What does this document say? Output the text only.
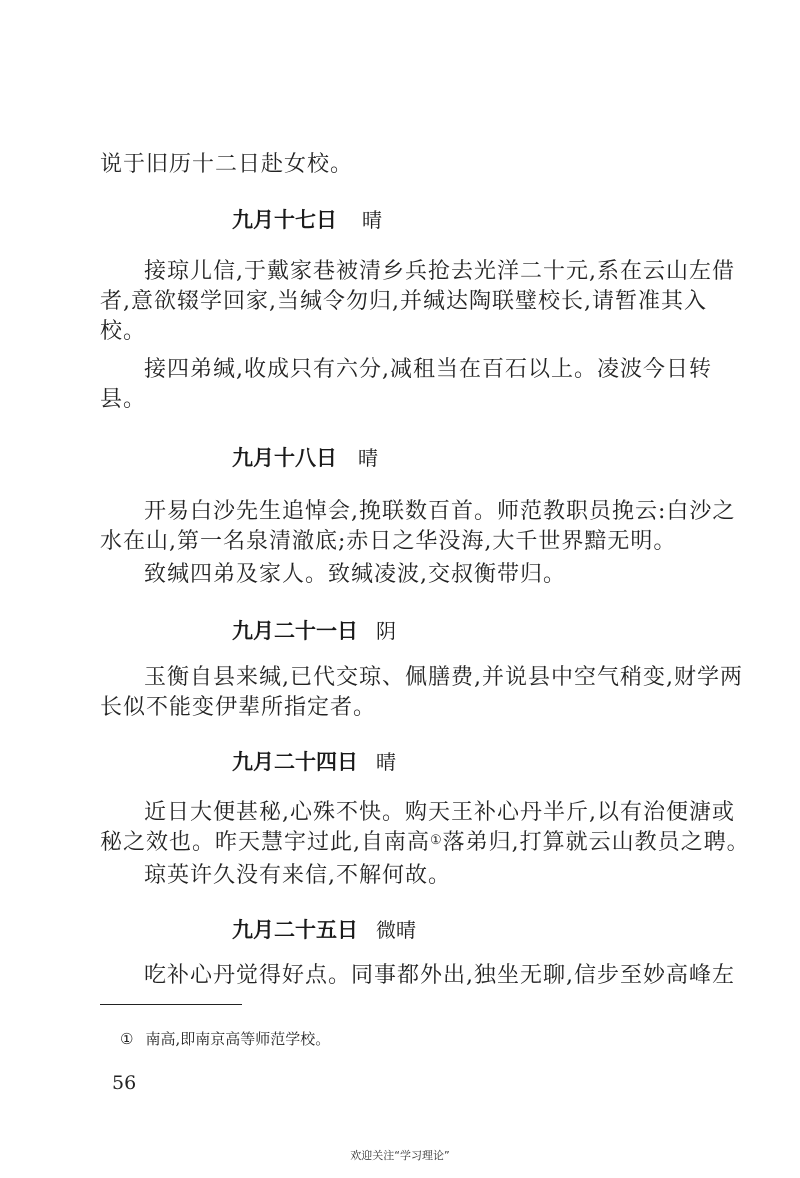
说于旧历十二日赴女校。
九月十七日 晴
接琼儿信,于戴家巷被清乡兵抢去光洋二十元,系在云山左借
者,意欲辍学回家,当缄令勿归,并缄达陶联璧校长,请暂准其入
校。
接四弟缄,收成只有六分,减租当在百石以上。凌波今日转
县。
九月十八日 晴
开易白沙先生追悼会,挽联数百首。师范教职员挽云:白沙之
水在山,第一名泉清澈底;赤日之华没海,大千世界黯无明。
致缄四弟及家人。致缄凌波,交叔衡带归。
九月二十一日 阴
玉衡自县来缄,已代交琼、佩膳费,并说县中空气稍变,财学两
长似不能变伊辈所指定者。
九月二十四日 晴
近日大便甚秘,心殊不快。购天王补心丹半斤,以有治便溏或
秘之效也。昨天慧宇过此,自南高①落弟归,打算就云山教员之聘。
琼英许久没有来信,不解何故。
九月二十五日 微晴
吃补心丹觉得好点。同事都外出,独坐无聊,信步至妙高峰左
① 南高,即南京高等师范学校。
56
欢迎关注“学习理论”
